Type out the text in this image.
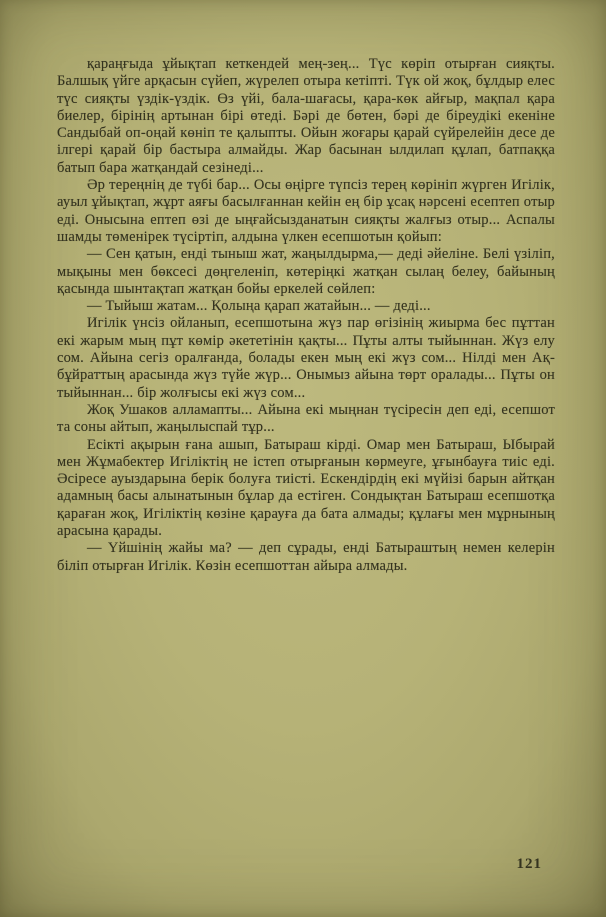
қараңғыда ұйықтап кеткендей мең-зең... Түс көріп отырған сияқты. Балшық үйге арқасын сүйеп, жүрелеп отыра кетіпті. Түк ой жоқ, бұлдыр елес түс сияқты үздік-үздік. Өз үйі, бала-шағасы, қара-көк айғыр, мақпал қара биелер, бірінің артынан бірі өтеді. Бәрі де бөтен, бәрі де біреудікі екеніне Сандыбай оп-оңай көніп те қалыпты. Ойын жоғары қарай сүйрелейін десе де ілгері қарай бір бастыра алмайды. Жар басынан ылдилап құлап, батпаққа батып бара жатқандай сезінеді...

Әр тереңнің де түбі бар... Осы өңірге түпсіз терең көрініп жүрген Игілік, ауыл ұйықтап, жұрт аяғы басылғаннан кейін ең бір ұсақ нәрсені есептеп отыр еді. Онысына ептеп өзі де ыңғайсызданатын сияқты жалғыз отыр... Аспалы шамды төменірек түсіртіп, алдына үлкен есепшотын қойып:

— Сен қатын, енді тыныш жат, жаңылдырма,— деді әйеліне. Белі үзіліп, мықыны мен бөксесі дөңгеленіп, көтеріңкі жатқан сылаң белеу, байының қасында шынтақтап жатқан бойы еркелей сөйлеп:

— Тыйыш жатам... Қолыңа қарап жатайын... — деді...

Игілік үнсіз ойланып, есепшотына жүз пар өгізінің жиырма бес пұттан екі жарым мың пұт көмір әкететінін қақты... Пұты алты тыйыннан. Жүз елу сом. Айына сегіз оралғанда, болады екен мың екі жүз сом... Нілді мен Ақ-бұйраттың арасында жүз түйе жүр... Онымыз айына төрт оралады... Пұты он тыйыннан... бір жолғысы екі жүз сом...

Жоқ Ушаков алламапты... Айына екі мыңнан түсіресін деп еді, есепшот та соны айтып, жаңылыспай тұр...

Есікті ақырын ғана ашып, Батыраш кірді. Омар мен Батыраш, Ыбырай мен Жұмабектер Игіліктің не істеп отырғанын көрмеуге, ұғынбауға тиіс еді. Әсіресе ауыздарына берік болуға тиісті. Ескендірдің екі мүйізі барын айтқан адамның басы алынатынын бұлар да естіген. Сондықтан Батыраш есепшотқа қараған жоқ, Игіліктің көзіне қарауға да бата алмады; құлағы мен мұрнының арасына қарады.

— Үйшінің жайы ма? — деп сұрады, енді Батыраштың немен келерін біліп отырған Игілік. Көзін есепшоттан айыра алмады.

121
